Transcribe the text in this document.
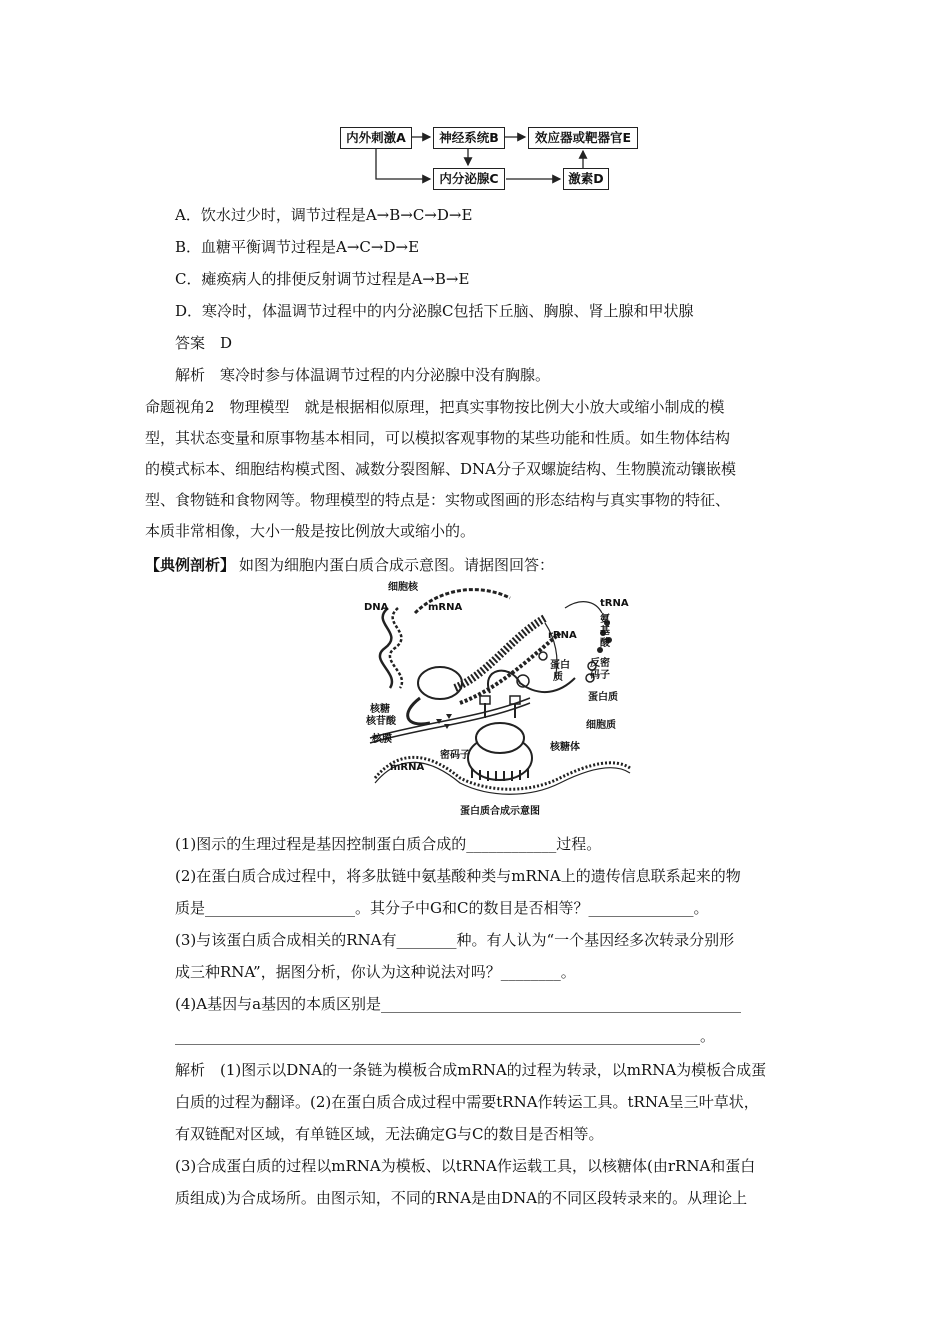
内外刺激A	神经系统B	效应器或靶器官E
内分泌腺C	激素D
A．饮水过少时，调节过程是A→B→C→D→E
B．血糖平衡调节过程是A→C→D→E
C．瘫痪病人的排便反射调节过程是A→B→E
D．寒冷时，体温调节过程中的内分泌腺C包括下丘脑、胸腺、肾上腺和甲状腺
答案　D
解析　寒冷时参与体温调节过程的内分泌腺中没有胸腺。
命题视角2　物理模型　就是根据相似原理，把真实事物按比例大小放大或缩小制成的模
型，其状态变量和原事物基本相同，可以模拟客观事物的某些功能和性质。如生物体结构
的模式标本、细胞结构模式图、减数分裂图解、DNA分子双螺旋结构、生物膜流动镶嵌模
型、食物链和食物网等。物理模型的特点是：实物或图画的形态结构与真实事物的特征、
本质非常相像，大小一般是按比例放大或缩小的。
【典例剖析】 如图为细胞内蛋白质合成示意图。请据图回答：
细胞核
DNA	mRNA	tRNA
氨
基
酸
rRNA
蛋白
质
反密
码子
蛋白质
核糖
核苷酸	细胞质
核膜
密码子
核糖体
mRNA
蛋白质合成示意图
(1)图示的生理过程是基因控制蛋白质合成的____________过程。
(2)在蛋白质合成过程中，将多肽链中氨基酸种类与mRNA上的遗传信息联系起来的物
质是____________________。其分子中G和C的数目是否相等？______________。
(3)与该蛋白质合成相关的RNA有________种。有人认为“一个基因经多次转录分别形
成三种RNA”，据图分析，你认为这种说法对吗？________。
(4)A基因与a基因的本质区别是________________________________________________
______________________________________________________________________。
解析　(1)图示以DNA的一条链为模板合成mRNA的过程为转录，以mRNA为模板合成蛋
白质的过程为翻译。(2)在蛋白质合成过程中需要tRNA作转运工具。tRNA呈三叶草状，
有双链配对区域，有单链区域，无法确定G与C的数目是否相等。
(3)合成蛋白质的过程以mRNA为模板、以tRNA作运载工具，以核糖体(由rRNA和蛋白
质组成)为合成场所。由图示知，不同的RNA是由DNA的不同区段转录来的。从理论上
